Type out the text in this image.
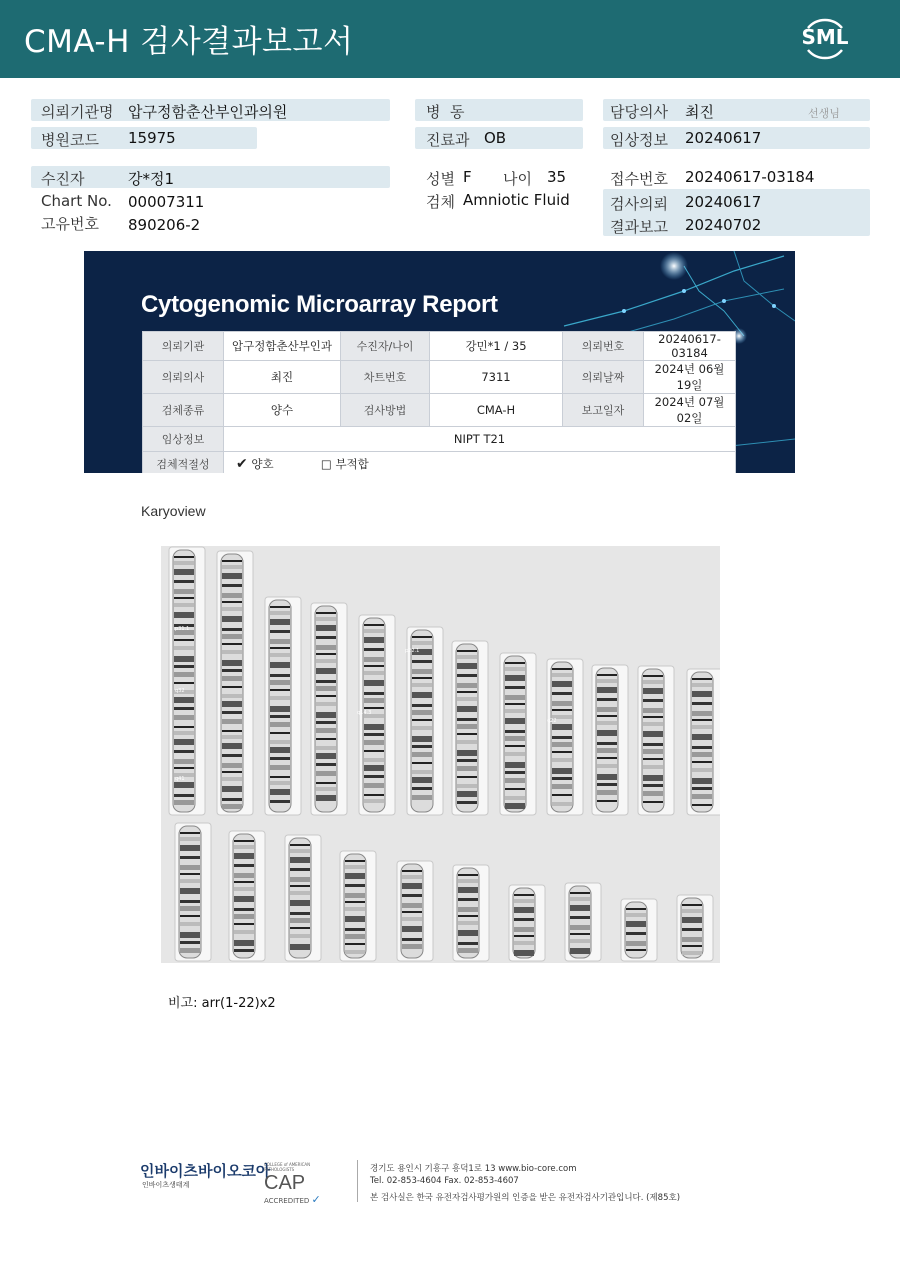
CMA-H 검사결과보고서	SML
의뢰기관명 압구정함춘산부인과의원
병원코드 15975
병  동
진료과 OB
담당의사 최진	선생님
임상정보 20240617
수진자	강*정1
Chart No. 00007311
고유번호 890206-2
성별 F 나이 35
검체 Amniotic Fluid
접수번호 20240617-03184
검사의뢰 20240617
결과보고 20240702
Cytogenomic Microarray Report
의뢰기관	압구정함춘산부인과	수진자/나이	강민*1 / 35	의뢰번호	20240617-03184
의뢰의사	최진	차트번호	7311	의뢰날짜	2024년 06월 19일
검체종류	양수	검사방법	CMA-H	보고일자	2024년 07월 02일
임상정보	NIPT T21				
검체적절성	✔ 양호 □ 부적합				
Karyoview
p31.1
q32
q41
p22.1
q14.3
q22
비고: arr(1-22)x2
인바이츠바이오코아
인바이츠생태계
COLLEGE of AMERICAN PATHOLOGISTS
CAP
ACCREDITED ✓
경기도 용인시 기흥구 흥덕1로 13 www.bio-core.com
Tel. 02-853-4604 Fax. 02-853-4607
본 검사실은 한국 유전자검사평가원의 인증을 받은 유전자검사기관입니다. (제85호)
